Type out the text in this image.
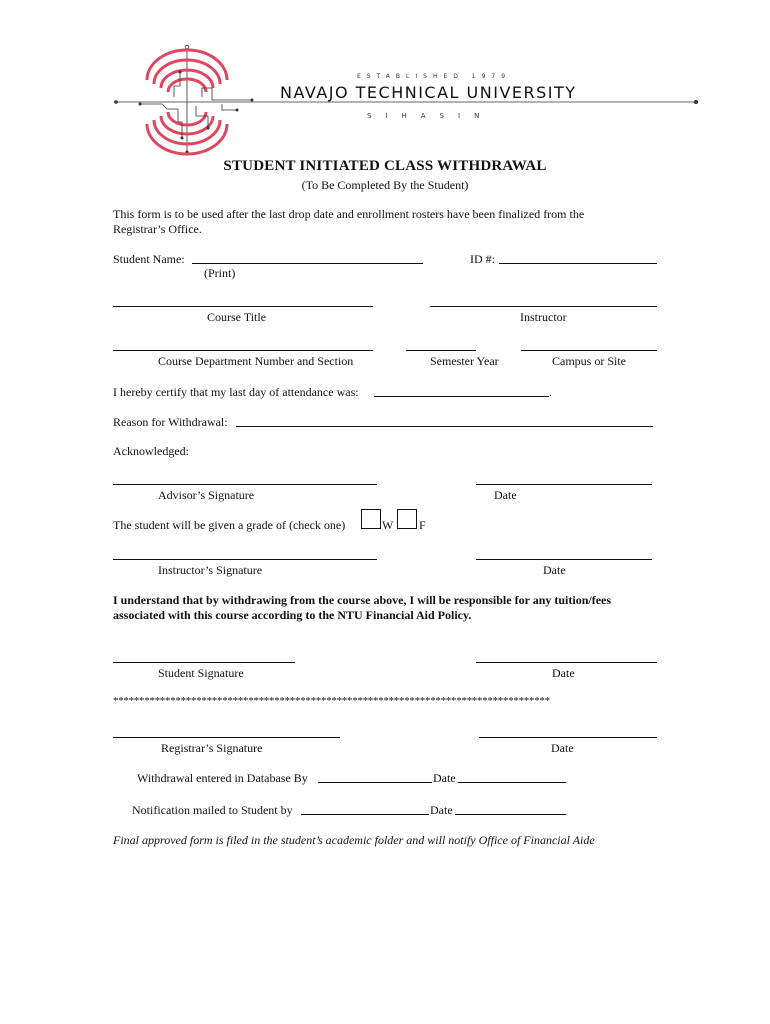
ESTABLISHED 1979
NAVAJO TECHNICAL UNIVERSITY
SIHASIN
STUDENT INITIATED CLASS WITHDRAWAL
(To Be Completed By the Student)
This form is to be used after the last drop date and enrollment rosters have been finalized from the
Registrar’s Office.
Student Name:
(Print)
ID #:
Course Title	Instructor
Course Department Number and Section	Semester Year	Campus or Site
I hereby certify that my last day of attendance was:	.
Reason for Withdrawal:
Acknowledged:
Advisor’s Signature	Date
The student will be given a grade of (check one)	W F
Instructor’s Signature	Date
I understand that by withdrawing from the course above, I will be responsible for any tuition/fees
associated with this course according to the NTU Financial Aid Policy.
Student Signature	Date
************************************************************************************
Registrar’s Signature	Date
Withdrawal entered in Database By	Date
Notification mailed to Student by	Date
Final approved form is filed in the student’s academic folder and will notify Office of Financial Aide
